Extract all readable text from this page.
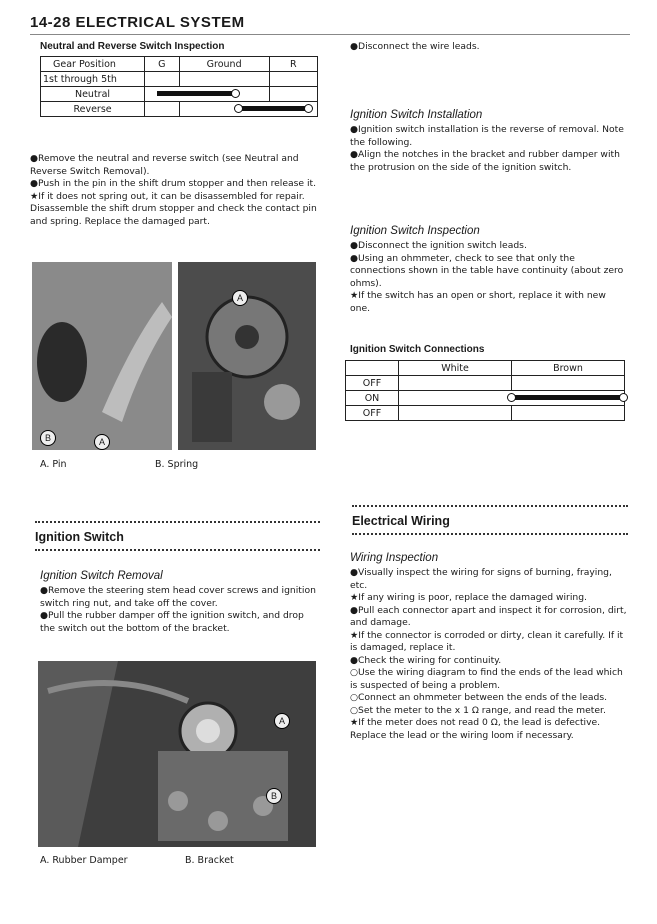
14-28 ELECTRICAL SYSTEM
Neutral and Reverse Switch Inspection
Gear Position	G	Ground	R
1st through 5th			
Neutral		

Reverse			

●Remove the neutral and reverse switch (see Neutral and Reverse Switch Removal).

●Push in the pin in the shift drum stopper and then release it.

★If it does not spring out, it can be disassembled for repair. Disassemble the shift drum stopper and check the contact pin and spring. Replace the damaged part.

B	A
A
A. Pin	B. Spring
Ignition Switch
Ignition Switch Removal

●Remove the steering stem head cover screws and ignition switch ring nut, and take off the cover.

●Pull the rubber damper off the ignition switch, and drop the switch out the bottom of the bracket.

A
B
A. Rubber Damper	B. Bracket

●Disconnect the wire leads.

Ignition Switch Installation

●Ignition switch installation is the reverse of removal. Note the following.

●Align the notches in the bracket and rubber damper with the protrusion on the side of the ignition switch.

Ignition Switch Inspection

●Disconnect the ignition switch leads.

●Using an ohmmeter, check to see that only the connections shown in the table have continuity (about zero ohms).

★If the switch has an open or short, replace it with new one.

Ignition Switch Connections
	White	Brown
OFF		
ON		

OFF		
Electrical Wiring
Wiring Inspection

●Visually inspect the wiring for signs of burning, fraying, etc.

★If any wiring is poor, replace the damaged wiring.

●Pull each connector apart and inspect it for corrosion, dirt, and damage.

★If the connector is corroded or dirty, clean it carefully. If it is damaged, replace it.

●Check the wiring for continuity.

○Use the wiring diagram to find the ends of the lead which is suspected of being a problem.

○Connect an ohmmeter between the ends of the leads.

○Set the meter to the x 1 Ω range, and read the meter.

★If the meter does not read 0 Ω, the lead is defective. Replace the lead or the wiring loom if necessary.
